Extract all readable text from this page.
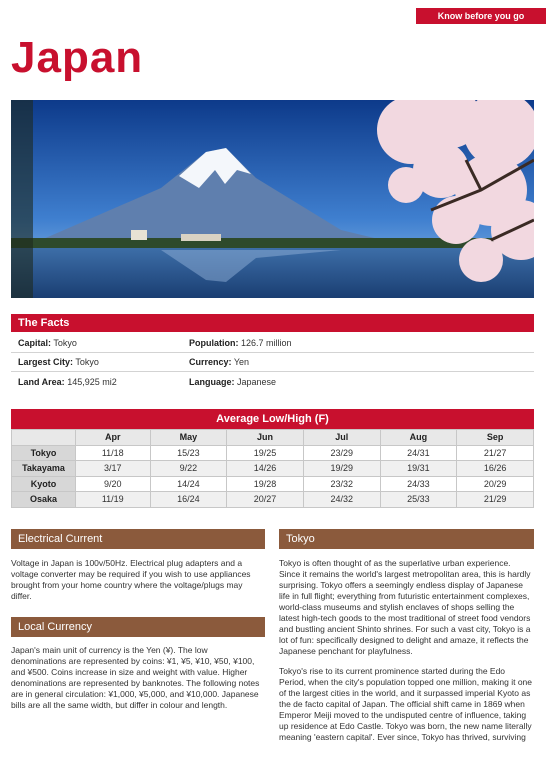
Know before you go
Japan
The Facts
Capital: Tokyo	Population: 126.7 million
Largest City: Tokyo	Currency: Yen
Land Area: 145,925 mi2	Language: Japanese
Average Low/High (F)
	Apr	May	Jun	Jul	Aug	Sep
Tokyo	11/18	15/23	19/25	23/29	24/31	21/27
Takayama	3/17	9/22	14/26	19/29	19/31	16/26
Kyoto	9/20	14/24	19/28	23/32	24/33	20/29
Osaka	11/19	16/24	20/27	24/32	25/33	21/29
Electrical Current

Voltage in Japan is 100v/50Hz. Electrical plug adapters and a voltage converter may be required if you wish to use appliances brought from your home country where the voltage/plugs may differ.

Local Currency

Japan's main unit of currency is the Yen (¥). The low denominations are represented by coins: ¥1, ¥5, ¥10, ¥50, ¥100, and ¥500. Coins increase in size and weight with value. Higher denominations are represented by banknotes. The following notes are in general circulation: ¥1,000, ¥5,000, and ¥10,000. Japanese bills are all the same width, but differ in colour and length.

Tokyo

Tokyo is often thought of as the superlative urban experience. Since it remains the world's largest metropolitan area, this is hardly surprising. Tokyo offers a seemingly endless display of Japanese life in full flight; everything from futuristic entertainment complexes, world-class museums and stylish enclaves of shops selling the latest high-tech goods to the most traditional of street food vendors and bustling ancient Shinto shrines. For such a vast city, Tokyo is a lot of fun: specifically designed to delight and amaze, it reflects the Japanese penchant for playfulness.

Tokyo's rise to its current prominence started during the Edo Period, when the city's population topped one million, making it one of the largest cities in the world, and it surpassed imperial Kyoto as the de facto capital of Japan. The official shift came in 1869 when Emperor Meiji moved to the undisputed centre of influence, taking up residence at Edo Castle. Tokyo was born, the new name literally meaning 'eastern capital'. Ever since, Tokyo has thrived, surviving
